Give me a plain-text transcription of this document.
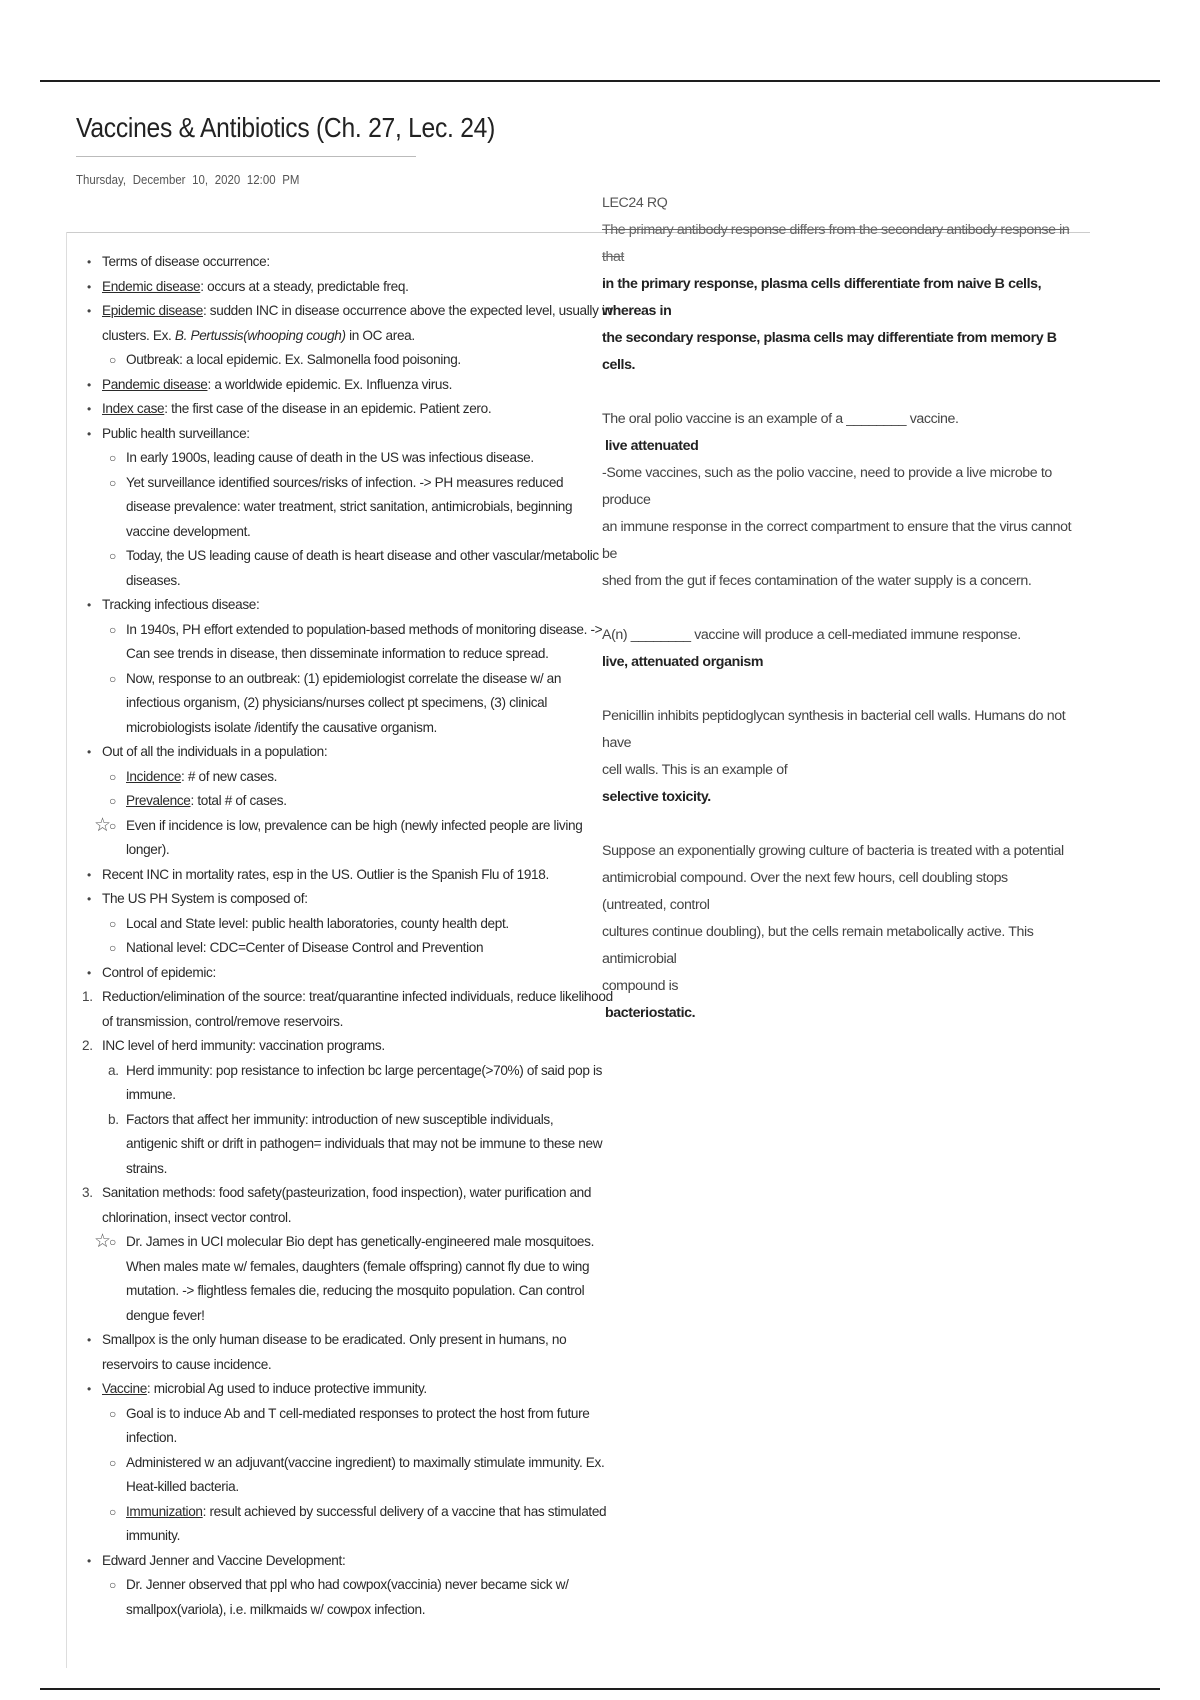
Vaccines & Antibiotics (Ch. 27, Lec. 24)
Thursday, December 10, 2020 12:00 PM
• Terms of disease occurrence:
• Endemic disease: occurs at a steady, predictable freq.
• Epidemic disease: sudden INC in disease occurrence above the expected level, usually in
clusters. Ex. B. Pertussis(whooping cough) in OC area.
○ Outbreak: a local epidemic. Ex. Salmonella food poisoning.
• Pandemic disease: a worldwide epidemic. Ex. Influenza virus.
• Index case: the first case of the disease in an epidemic. Patient zero.
• Public health surveillance:
○ In early 1900s, leading cause of death in the US was infectious disease.
○ Yet surveillance identified sources/risks of infection. -> PH measures reduced
disease prevalence: water treatment, strict sanitation, antimicrobials, beginning
vaccine development.
○ Today, the US leading cause of death is heart disease and other vascular/metabolic
diseases.
• Tracking infectious disease:
○ In 1940s, PH effort extended to population-based methods of monitoring disease. ->
Can see trends in disease, then disseminate information to reduce spread.
○ Now, response to an outbreak: (1) epidemiologist correlate the disease w/ an
infectious organism, (2) physicians/nurses collect pt specimens, (3) clinical
microbiologists isolate /identify the causative organism.
• Out of all the individuals in a population:
○ Incidence: # of new cases.
○ Prevalence: total # of cases.
☆
○ Even if incidence is low, prevalence can be high (newly infected people are living
longer).
• Recent INC in mortality rates, esp in the US. Outlier is the Spanish Flu of 1918.
• The US PH System is composed of:
○ Local and State level: public health laboratories, county health dept.
○ National level: CDC=Center of Disease Control and Prevention
• Control of epidemic:
1. Reduction/elimination of the source: treat/quarantine infected individuals, reduce likelihood
of transmission, control/remove reservoirs.
2. INC level of herd immunity: vaccination programs.
a. Herd immunity: pop resistance to infection bc large percentage(>70%) of said pop is
immune.
b. Factors that affect her immunity: introduction of new susceptible individuals,
antigenic shift or drift in pathogen= individuals that may not be immune to these new
strains.
3. Sanitation methods: food safety(pasteurization, food inspection), water purification and
chlorination, insect vector control.
☆
○ Dr. James in UCI molecular Bio dept has genetically-engineered male mosquitoes.
When males mate w/ females, daughters (female offspring) cannot fly due to wing
mutation. -> flightless females die, reducing the mosquito population. Can control
dengue fever!
• Smallpox is the only human disease to be eradicated. Only present in humans, no
reservoirs to cause incidence.
• Vaccine: microbial Ag used to induce protective immunity.
○ Goal is to induce Ab and T cell-mediated responses to protect the host from future
infection.
○ Administered w an adjuvant(vaccine ingredient) to maximally stimulate immunity. Ex.
Heat-killed bacteria.
○ Immunization: result achieved by successful delivery of a vaccine that has stimulated
immunity.
• Edward Jenner and Vaccine Development:
○ Dr. Jenner observed that ppl who had cowpox(vaccinia) never became sick w/
smallpox(variola), i.e. milkmaids w/ cowpox infection.
LEC24 RQ
The primary antibody response differs from the secondary antibody response in that
in the primary response, plasma cells differentiate from naive B cells, whereas in
the secondary response, plasma cells may differentiate from memory B cells.
The oral polio vaccine is an example of a ________ vaccine.
live attenuated
-Some vaccines, such as the polio vaccine, need to provide a live microbe to produce
an immune response in the correct compartment to ensure that the virus cannot be
shed from the gut if feces contamination of the water supply is a concern.
A(n) ________ vaccine will produce a cell-mediated immune response.
live, attenuated organism
Penicillin inhibits peptidoglycan synthesis in bacterial cell walls. Humans do not have
cell walls. This is an example of
selective toxicity.
Suppose an exponentially growing culture of bacteria is treated with a potential
antimicrobial compound. Over the next few hours, cell doubling stops (untreated, control
cultures continue doubling), but the cells remain metabolically active. This antimicrobial
compound is
bacteriostatic.
